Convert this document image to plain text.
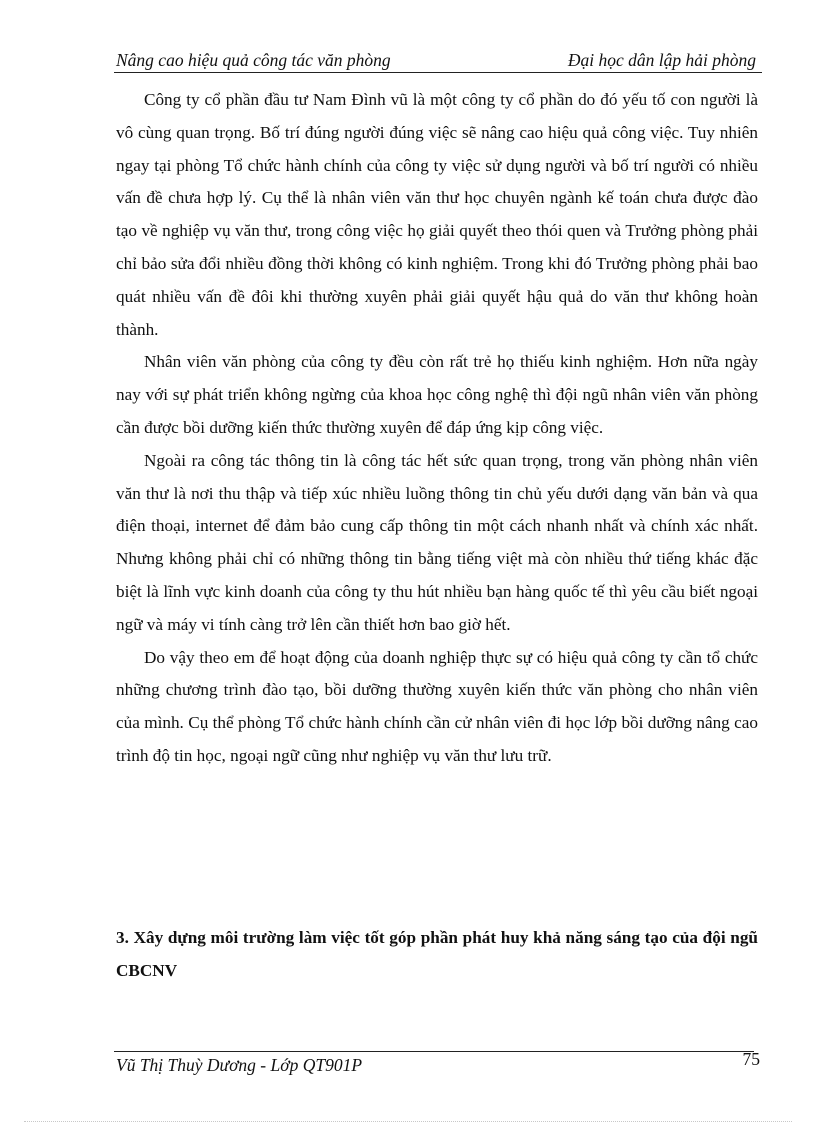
Nâng cao hiệu quả công tác văn phòng	Đại học dân lập hải phòng

Công ty cổ phần đầu tư Nam Đình vũ là một công ty cổ phần do đó yếu tố con người là vô cùng quan trọng. Bố trí đúng người đúng việc sẽ nâng cao hiệu quả công việc. Tuy nhiên ngay tại phòng Tổ chức hành chính của công ty việc sử dụng người và bố trí người có nhiều vấn đề chưa hợp lý. Cụ thể là nhân viên văn thư học chuyên ngành kế toán chưa được đào tạo về nghiệp vụ văn thư, trong công việc họ giải quyết theo thói quen và Trưởng phòng phải chỉ bảo sửa đổi nhiều đồng thời không có kinh nghiệm. Trong khi đó Trưởng phòng phải bao quát nhiều vấn đề đôi khi thường xuyên phải giải quyết hậu quả do văn thư không hoàn thành.

Nhân viên văn phòng của công ty đều còn rất trẻ họ thiếu kinh nghiệm. Hơn nữa ngày nay với sự phát triển không ngừng của khoa học công nghệ thì đội ngũ nhân viên văn phòng cần được bồi dưỡng kiến thức thường xuyên để đáp ứng kịp công việc.

Ngoài ra công tác thông tin là công tác hết sức quan trọng, trong văn phòng nhân viên văn thư là nơi thu thập và tiếp xúc nhiều luồng thông tin chủ yếu dưới dạng văn bản và qua điện thoại, internet để đảm bảo cung cấp thông tin một cách nhanh nhất và chính xác nhất. Nhưng không phải chỉ có những thông tin bằng tiếng việt mà còn nhiều thứ tiếng khác đặc biệt là lĩnh vực kinh doanh của công ty thu hút nhiều bạn hàng quốc tế thì yêu cầu biết ngoại ngữ và máy vi tính càng trở lên cần thiết hơn bao giờ hết.

Do vậy theo em để hoạt động của doanh nghiệp thực sự có hiệu quả công ty cần tổ chức những chương trình đào tạo, bồi dưỡng thường xuyên kiến thức văn phòng cho nhân viên của mình. Cụ thể phòng Tổ chức hành chính cần cử nhân viên đi học lớp bồi dưỡng nâng cao trình độ tin học, ngoại ngữ cũng như nghiệp vụ văn thư lưu trữ.

3. Xây dựng môi trường làm việc tốt góp phần phát huy khả năng sáng tạo của đội ngũ CBCNV

Vũ Thị Thuỳ Dương - Lớp QT901P	75
